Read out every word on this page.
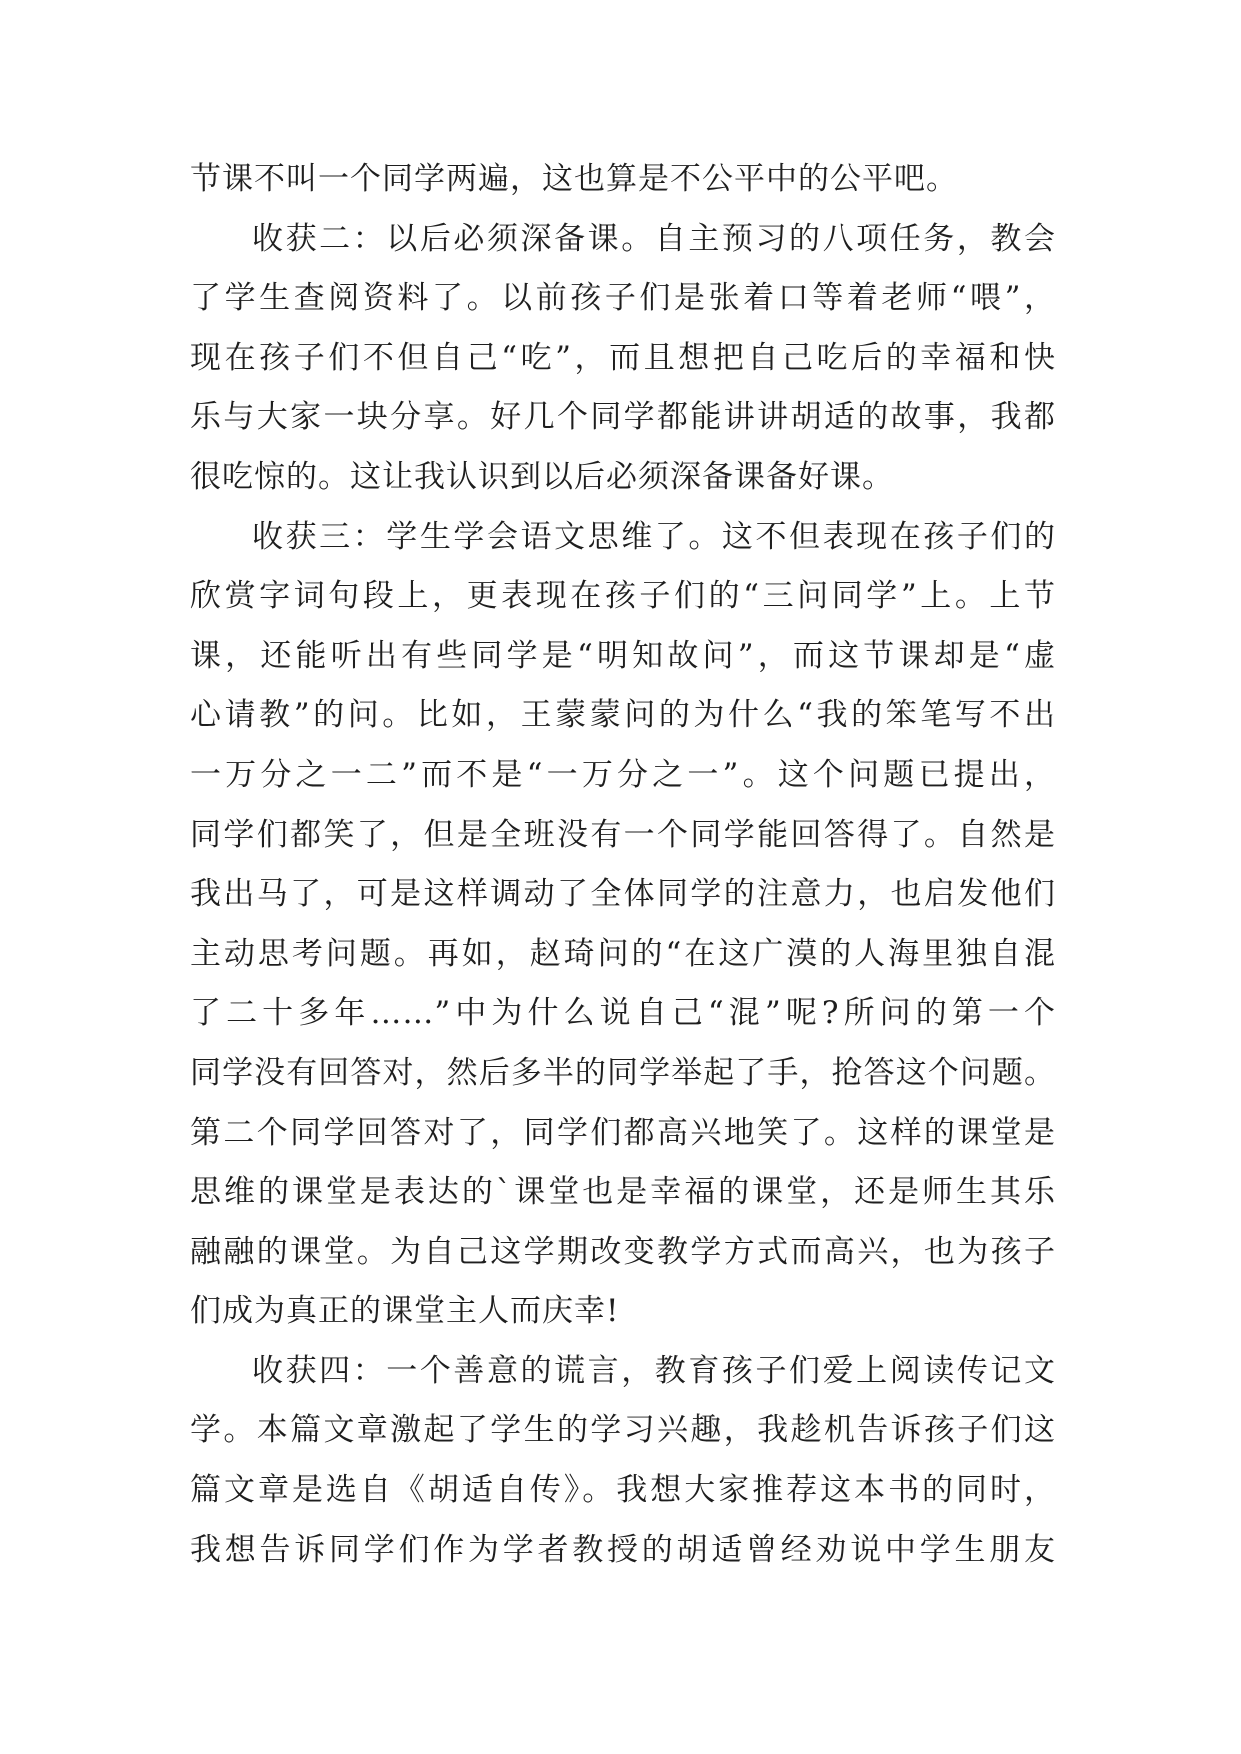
节课不叫一个同学两遍，这也算是不公平中的公平吧。

收获二：以后必须深备课。自主预习的八项任务，教会
了学生查阅资料了。以前孩子们是张着口等着老师“喂”，
现在孩子们不但自己“吃”，而且想把自己吃后的幸福和快
乐与大家一块分享。好几个同学都能讲讲胡适的故事，我都
很吃惊的。这让我认识到以后必须深备课备好课。

收获三：学生学会语文思维了。这不但表现在孩子们的
欣赏字词句段上，更表现在孩子们的“三问同学”上。上节
课，还能听出有些同学是“明知故问”，而这节课却是“虚
心请教”的问。比如，王蒙蒙问的为什么“我的笨笔写不出
一万分之一二”而不是“一万分之一”。这个问题已提出，
同学们都笑了，但是全班没有一个同学能回答得了。自然是
我出马了，可是这样调动了全体同学的注意力，也启发他们
主动思考问题。再如，赵琦问的“在这广漠的人海里独自混
了二十多年……”中为什么说自己“混”呢?所问的第一个
同学没有回答对，然后多半的同学举起了手，抢答这个问题。
第二个同学回答对了，同学们都高兴地笑了。这样的课堂是
思维的课堂是表达的`课堂也是幸福的课堂，还是师生其乐
融融的课堂。为自己这学期改变教学方式而高兴，也为孩子
们成为真正的课堂主人而庆幸!

收获四：一个善意的谎言，教育孩子们爱上阅读传记文
学。本篇文章激起了学生的学习兴趣，我趁机告诉孩子们这
篇文章是选自《胡适自传》。我想大家推荐这本书的同时，
我想告诉同学们作为学者教授的胡适曾经劝说中学生朋友
